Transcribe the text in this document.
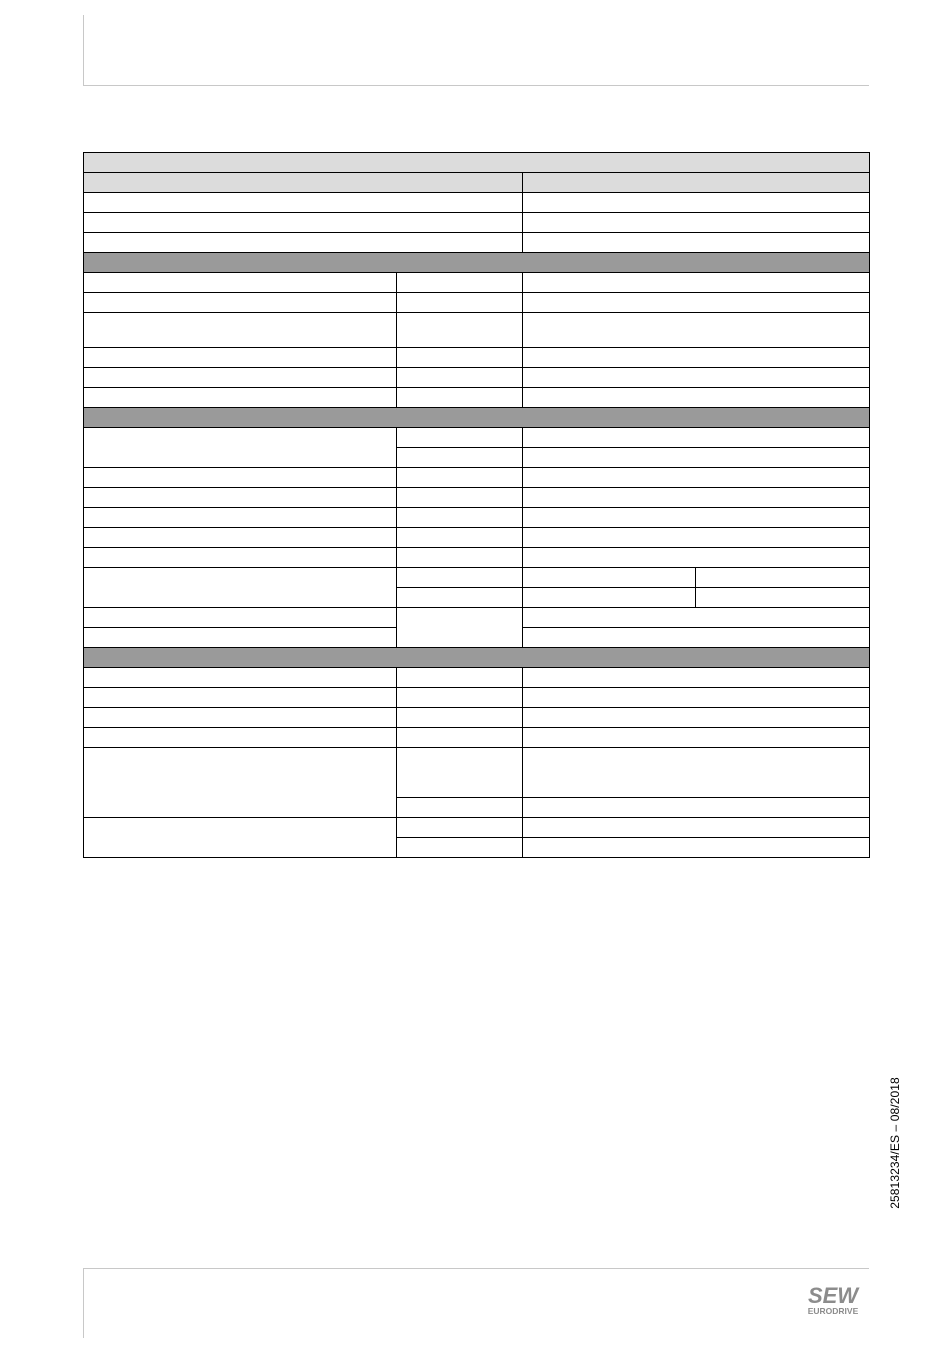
25813234/ES – 08/2018
SEW
EURODRIVE
